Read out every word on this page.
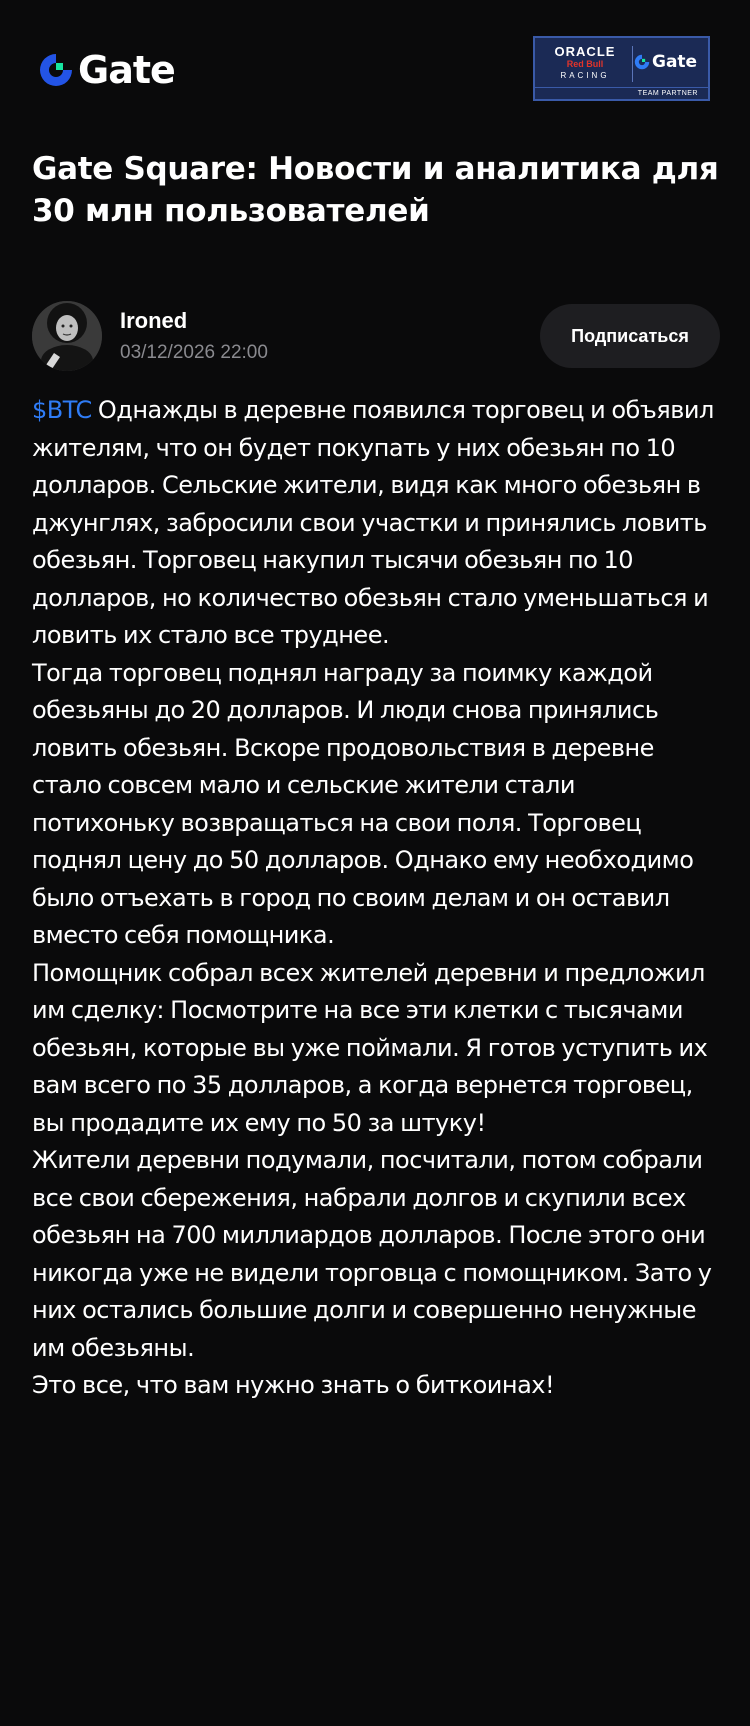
Gate	ORACLE
Red Bull
RACING
Gate
TEAM PARTNER
Gate Square: Новости и аналитика для 30 млн пользователей
Ironed
03/12/2026 22:00
Подписаться

$BTC Однажды в деревне появился торговец и объявил жителям, что он будет покупать у них обезьян по 10 долларов. Сельские жители, видя как много обезьян в джунглях, забросили свои участки и принялись ловить обезьян. Торговец накупил тысячи обезьян по 10 долларов, но количество обезьян стало уменьшаться и ловить их стало все труднее.

Тогда торговец поднял награду за поимку каждой обезьяны до 20 долларов. И люди снова принялись ловить обезьян. Вскоре продовольствия в деревне стало совсем мало и сельские жители стали потихоньку возвращаться на свои поля. Торговец поднял цену до 50 долларов. Однако ему необходимо было отъехать в город по своим делам и он оставил вместо себя помощника.

Помощник собрал всех жителей деревни и предложил им сделку: Посмотрите на все эти клетки с тысячами обезьян, которые вы уже поймали. Я готов уступить их вам всего по 35 долларов, а когда вернется торговец, вы продадите их ему по 50 за штуку!

Жители деревни подумали, посчитали, потом собрали все свои сбережения, набрали долгов и скупили всех обезьян на 700 миллиардов долларов. После этого они никогда уже не видели торговца с помощником. Зато у них остались большие долги и совершенно ненужные им обезьяны.

Это все, что вам нужно знать о биткоинах!
